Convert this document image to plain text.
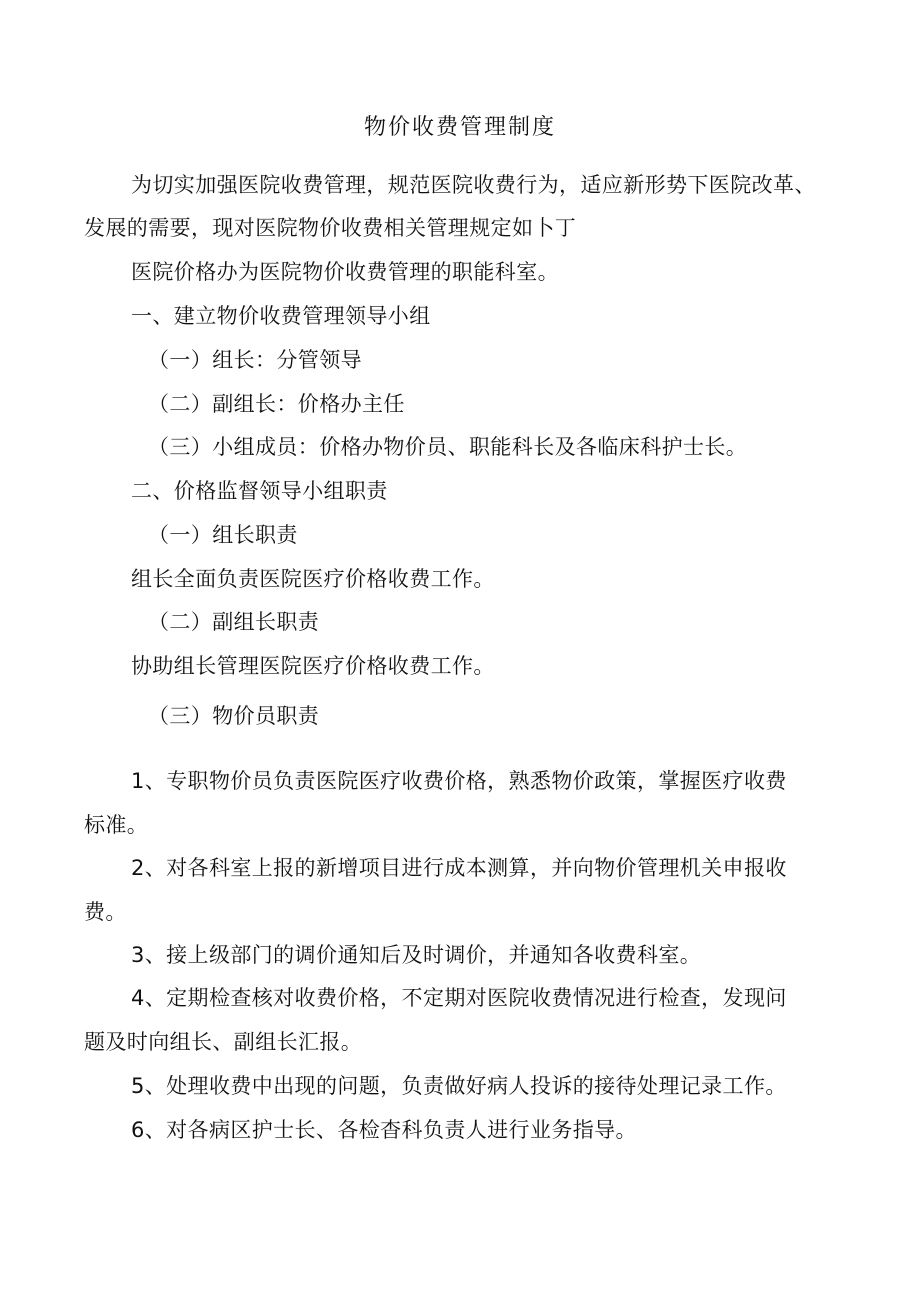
物价收费管理制度

为切实加强医院收费管理，规范医院收费行为，适应新形势下医院改革、

发展的需要，现对医院物价收费相关管理规定如卜丁

医院价格办为医院物价收费管理的职能科室。

一、建立物价收费管理领导小组

（一）组长：分管领导

（二）副组长：价格办主任

（三）小组成员：价格办物价员、职能科长及各临床科护士长。

二、价格监督领导小组职责

（一）组长职责

组长全面负责医院医疗价格收费工作。

（二）副组长职责

协助组长管理医院医疗价格收费工作。

（三）物价员职责

1、专职物价员负责医院医疗收费价格，熟悉物价政策，掌握医疗收费

标准。

2、对各科室上报的新增项目进行成本测算，并向物价管理机关申报收

费。

3、接上级部门的调价通知后及时调价，并通知各收费科室。

4、定期检查核对收费价格，不定期对医院收费情况进行检查，发现问

题及时向组长、副组长汇报。

5、处理收费中出现的问题，负责做好病人投诉的接待处理记录工作。

6、对各病区护士长、各检杳科负责人进行业务指导。
